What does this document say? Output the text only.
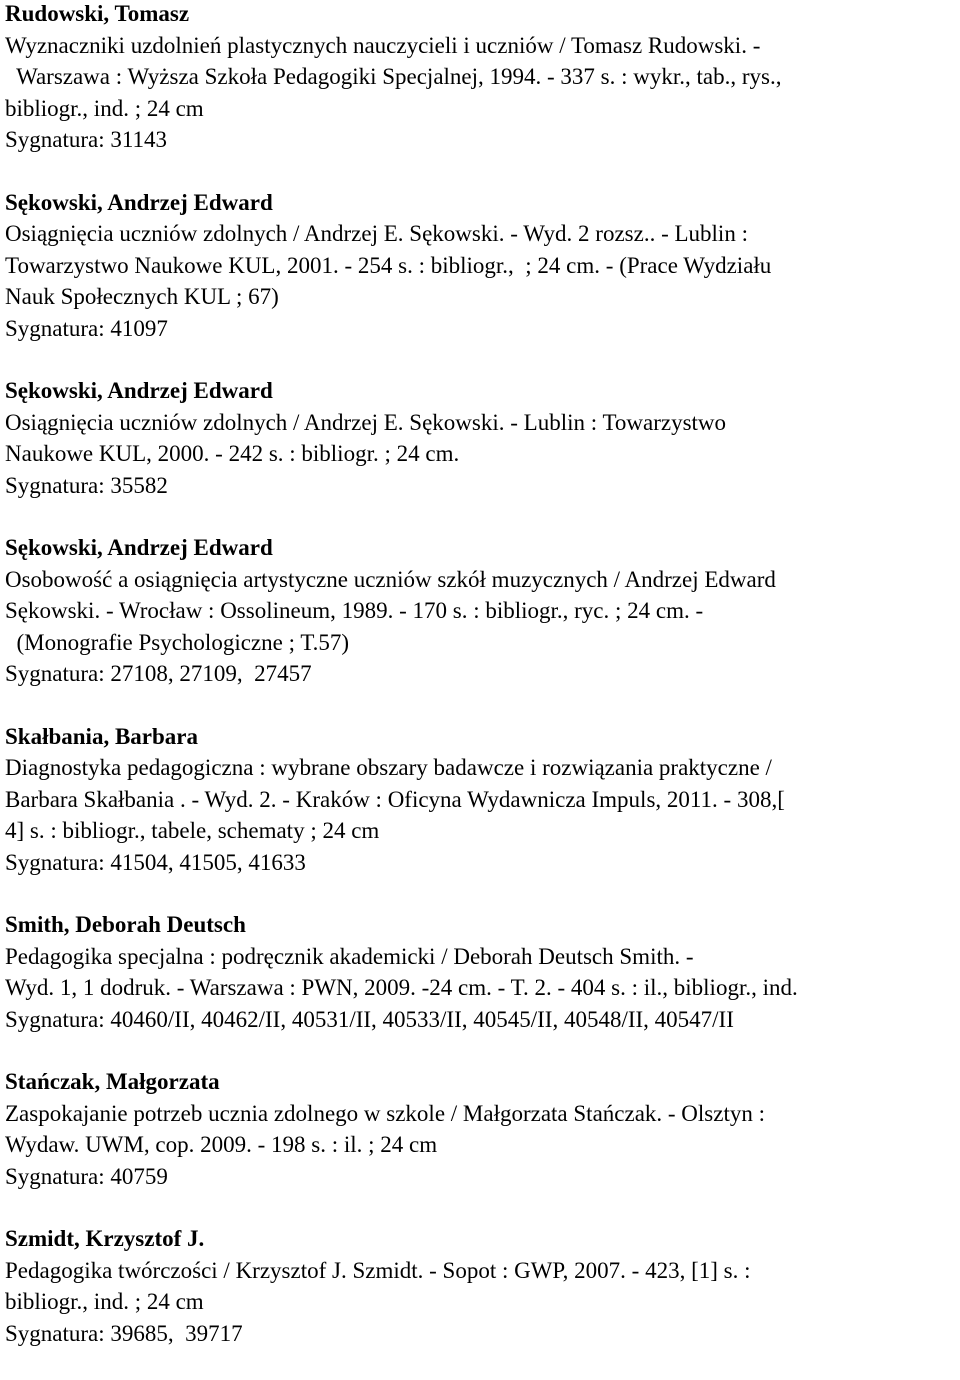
Rudowski, Tomasz
Wyznaczniki uzdolnień plastycznych nauczycieli i uczniów / Tomasz Rudowski. -
Warszawa : Wyższa Szkoła Pedagogiki Specjalnej, 1994. - 337 s. : wykr., tab., rys.,
bibliogr., ind. ; 24 cm
Sygnatura: 31143
Sękowski, Andrzej Edward
Osiągnięcia uczniów zdolnych / Andrzej E. Sękowski. - Wyd. 2 rozsz.. - Lublin :
Towarzystwo Naukowe KUL, 2001. - 254 s. : bibliogr.,  ; 24 cm. - (Prace Wydziału
Nauk Społecznych KUL ; 67)
Sygnatura: 41097
Sękowski, Andrzej Edward
Osiągnięcia uczniów zdolnych / Andrzej E. Sękowski. - Lublin : Towarzystwo
Naukowe KUL, 2000. - 242 s. : bibliogr. ; 24 cm.
Sygnatura: 35582
Sękowski, Andrzej Edward
Osobowość a osiągnięcia artystyczne uczniów szkół muzycznych / Andrzej Edward
Sękowski. - Wrocław : Ossolineum, 1989. - 170 s. : bibliogr., ryc. ; 24 cm. -
(Monografie Psychologiczne ; T.57)
Sygnatura: 27108, 27109,  27457
Skałbania, Barbara
Diagnostyka pedagogiczna : wybrane obszary badawcze i rozwiązania praktyczne /
Barbara Skałbania . - Wyd. 2. - Kraków : Oficyna Wydawnicza Impuls, 2011. - 308,[
4] s. : bibliogr., tabele, schematy ; 24 cm
Sygnatura: 41504, 41505, 41633
Smith, Deborah Deutsch
Pedagogika specjalna : podręcznik akademicki / Deborah Deutsch Smith. -
Wyd. 1, 1 dodruk. - Warszawa : PWN, 2009. -24 cm. - T. 2. - 404 s. : il., bibliogr., ind.
Sygnatura: 40460/II, 40462/II, 40531/II, 40533/II, 40545/II, 40548/II, 40547/II
Stańczak, Małgorzata
Zaspokajanie potrzeb ucznia zdolnego w szkole / Małgorzata Stańczak. - Olsztyn :
Wydaw. UWM, cop. 2009. - 198 s. : il. ; 24 cm
Sygnatura: 40759
Szmidt, Krzysztof J.
Pedagogika twórczości / Krzysztof J. Szmidt. - Sopot : GWP, 2007. - 423, [1] s. :
bibliogr., ind. ; 24 cm
Sygnatura: 39685,  39717
